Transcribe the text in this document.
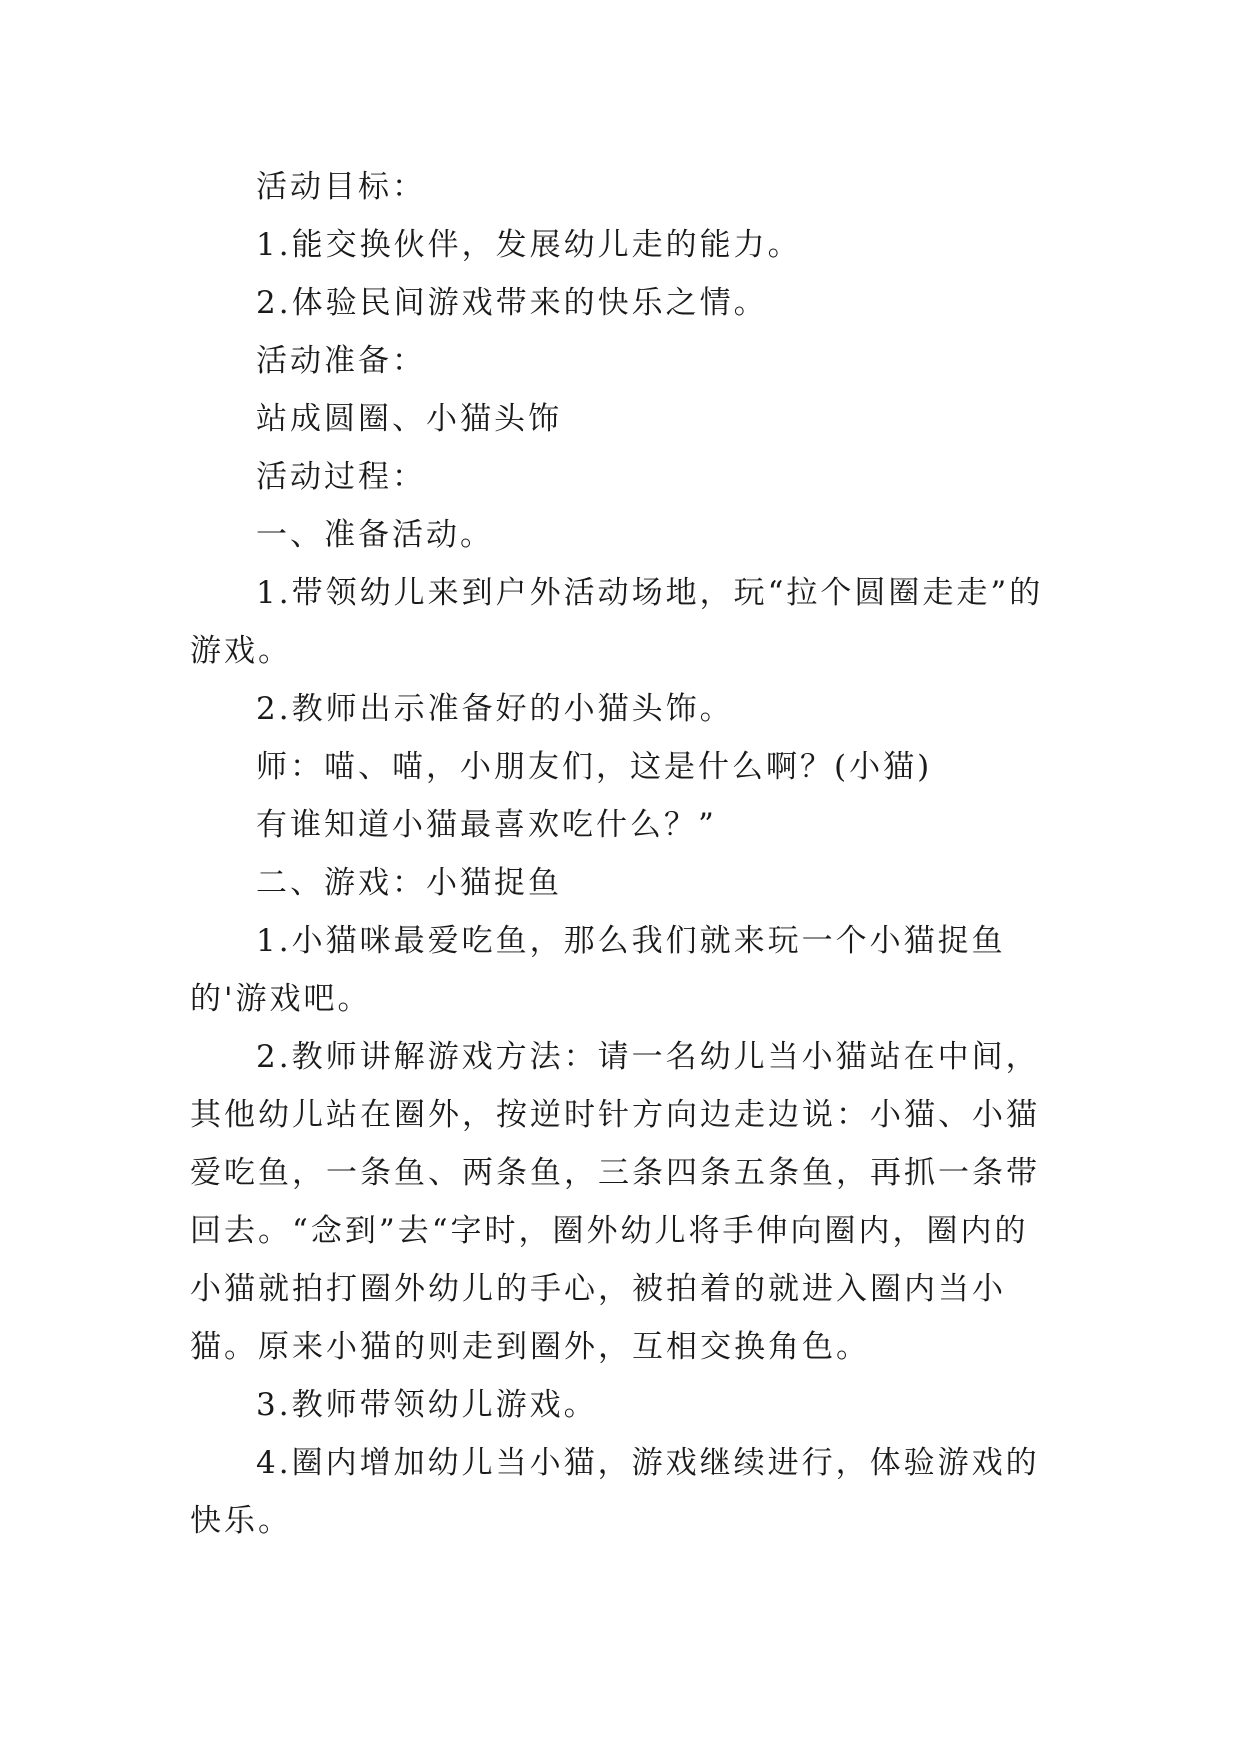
活动目标：

1.能交换伙伴，发展幼儿走的能力。

2.体验民间游戏带来的快乐之情。

活动准备：

站成圆圈、小猫头饰

活动过程：

一、准备活动。

1.带领幼儿来到户外活动场地，玩“拉个圆圈走走”的游戏。

2.教师出示准备好的小猫头饰。

师：喵、喵，小朋友们，这是什么啊？(小猫)

有谁知道小猫最喜欢吃什么？”

二、游戏：小猫捉鱼

1.小猫咪最爱吃鱼，那么我们就来玩一个小猫捉鱼的'游戏吧。

2.教师讲解游戏方法：请一名幼儿当小猫站在中间，其他幼儿站在圈外，按逆时针方向边走边说：小猫、小猫爱吃鱼，一条鱼、两条鱼，三条四条五条鱼，再抓一条带回去。“念到”去“字时，圈外幼儿将手伸向圈内，圈内的小猫就拍打圈外幼儿的手心，被拍着的就进入圈内当小猫。原来小猫的则走到圈外，互相交换角色。

3.教师带领幼儿游戏。

4.圈内增加幼儿当小猫，游戏继续进行，体验游戏的快乐。
